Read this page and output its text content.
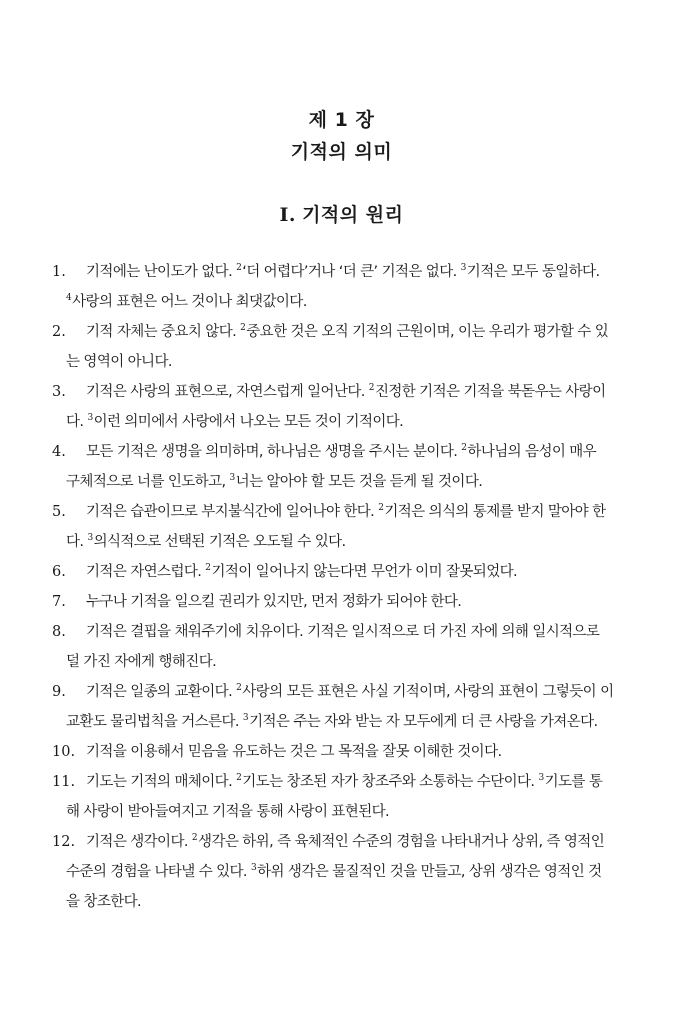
제 1 장
기적의 의미
I. 기적의 원리
1. 기적에는 난이도가 없다. $^2$‘더 어렵다’거나 ‘더 큰’ 기적은 없다. $^3$기적은 모두 동일하다.
$^4$사랑의 표현은 어느 것이나 최댓값이다.
2. 기적 자체는 중요치 않다. $^2$중요한 것은 오직 기적의 근원이며, 이는 우리가 평가할 수 있
는 영역이 아니다.
3. 기적은 사랑의 표현으로, 자연스럽게 일어난다. $^2$진정한 기적은 기적을 북돋우는 사랑이
다. $^3$이런 의미에서 사랑에서 나오는 모든 것이 기적이다.
4. 모든 기적은 생명을 의미하며, 하나님은 생명을 주시는 분이다. $^2$하나님의 음성이 매우
구체적으로 너를 인도하고, $^3$너는 알아야 할 모든 것을 듣게 될 것이다.
5. 기적은 습관이므로 부지불식간에 일어나야 한다. $^2$기적은 의식의 통제를 받지 말아야 한
다. $^3$의식적으로 선택된 기적은 오도될 수 있다.
6. 기적은 자연스럽다. $^2$기적이 일어나지 않는다면 무언가 이미 잘못되었다.
7. 누구나 기적을 일으킬 권리가 있지만, 먼저 정화가 되어야 한다.
8. 기적은 결핍을 채워주기에 치유이다. 기적은 일시적으로 더 가진 자에 의해 일시적으로
덜 가진 자에게 행해진다.
9. 기적은 일종의 교환이다. $^2$사랑의 모든 표현은 사실 기적이며, 사랑의 표현이 그렇듯이 이
교환도 물리법칙을 거스른다. $^3$기적은 주는 자와 받는 자 모두에게 더 큰 사랑을 가져온다.
10. 기적을 이용해서 믿음을 유도하는 것은 그 목적을 잘못 이해한 것이다.
11. 기도는 기적의 매체이다. $^2$기도는 창조된 자가 창조주와 소통하는 수단이다. $^3$기도를 통
해 사랑이 받아들여지고 기적을 통해 사랑이 표현된다.
12. 기적은 생각이다. $^2$생각은 하위, 즉 육체적인 수준의 경험을 나타내거나 상위, 즉 영적인
수준의 경험을 나타낼 수 있다. $^3$하위 생각은 물질적인 것을 만들고, 상위 생각은 영적인 것
을 창조한다.
